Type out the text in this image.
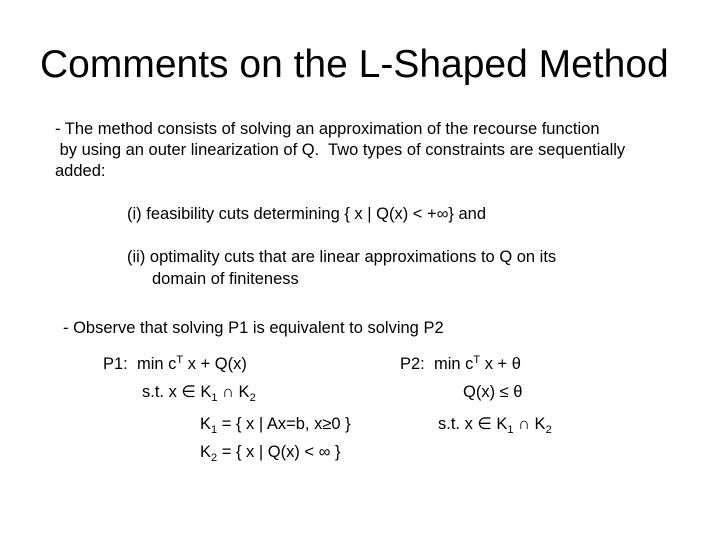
Comments on the L-Shaped Method
- The method consists of solving an approximation of the recourse function
by using an outer linearization of Q.  Two types of constraints are sequentially
added:
(i) feasibility cuts determining { x | Q(x) < +∞} and
(ii) optimality cuts that are linear approximations to Q on its
domain of finiteness
- Observe that solving P1 is equivalent to solving P2
P1: $\min c^T$ x + Q(x)
s.t. x ∈ $K_1$ ∩ $K_2$
$K_1$ = { x | Ax=b, x≥0 }
$K_2$ = { x | Q(x) < ∞ }
P2: $\min c^T$ x + θ
Q(x) ≤ θ
s.t. x ∈ $K_1$ ∩ $K_2$
